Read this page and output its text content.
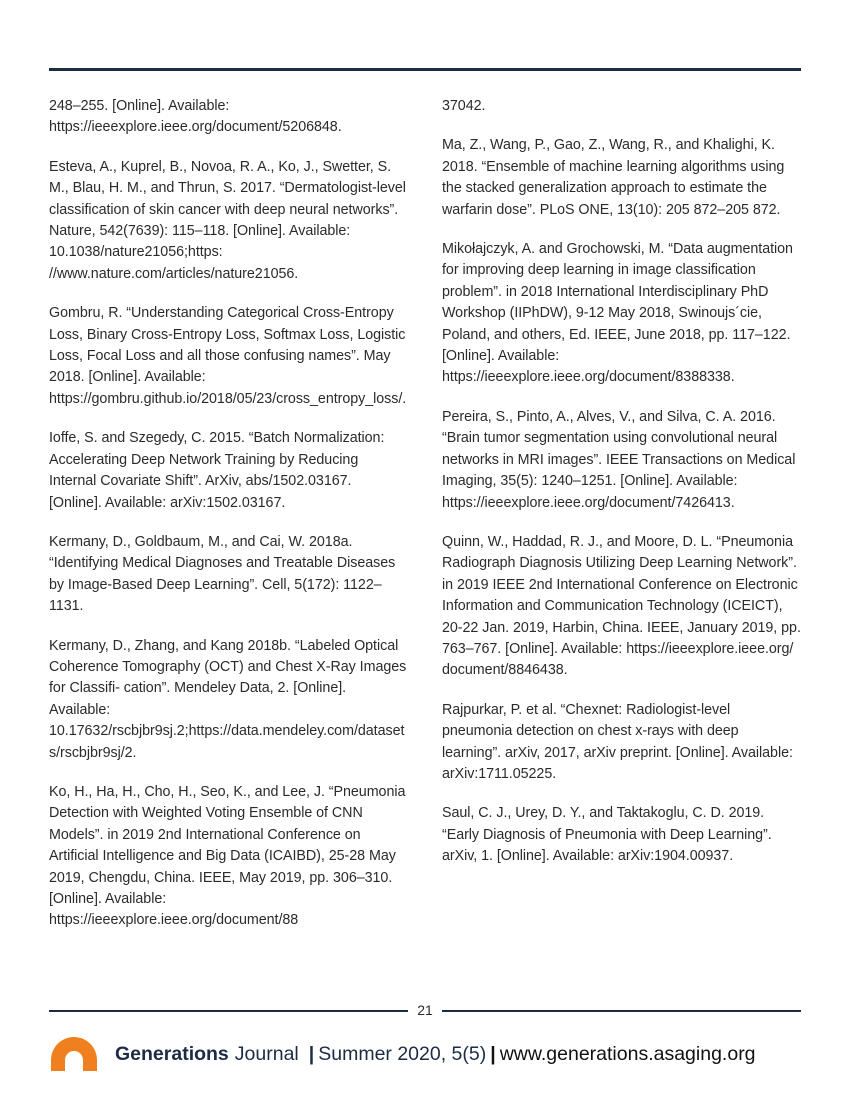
248–255. [Online]. Available: https://ieeexplore.ieee.org/document/5206848.

Esteva, A., Kuprel, B., Novoa, R. A., Ko, J., Swetter, S. M., Blau, H. M., and Thrun, S. 2017. “Dermatologist-level classification of skin cancer with deep neural networks”. Nature, 542(7639): 115–118. [Online]. Available: 10.1038/nature21056;https: //www.nature.com/articles/nature21056.

Gombru, R. “Understanding Categorical Cross-Entropy Loss, Binary Cross-Entropy Loss, Softmax Loss, Logistic Loss, Focal Loss and all those confusing names”. May 2018. [Online]. Available: https://gombru.github.io/2018/05/23/cross_entropy_loss/.

Ioffe, S. and Szegedy, C. 2015. “Batch Normalization: Accelerating Deep Network Training by Reducing Internal Covariate Shift”. ArXiv, abs/1502.03167. [Online]. Available: arXiv:1502.03167.

Kermany, D., Goldbaum, M., and Cai, W. 2018a. “Identifying Medical Diagnoses and Treatable Diseases by Image-Based Deep Learning”. Cell, 5(172): 1122–1131.

Kermany, D., Zhang, and Kang 2018b. “Labeled Optical Coherence Tomography (OCT) and Chest X-Ray Images for Classifi- cation”. Mendeley Data, 2. [Online]. Available: 10.17632/rscbjbr9sj.2;https://data.mendeley.com/datasets/rscbjbr9sj/2.

Ko, H., Ha, H., Cho, H., Seo, K., and Lee, J. “Pneumonia Detection with Weighted Voting Ensemble of CNN Models”. in 2019 2nd International Conference on Artificial Intelligence and Big Data (ICAIBD), 25-28 May 2019, Chengdu, China. IEEE, May 2019, pp. 306–310. [Online]. Available: https://ieeexplore.ieee.org/document/88

37042.

Ma, Z., Wang, P., Gao, Z., Wang, R., and Khalighi, K. 2018. “Ensemble of machine learning algorithms using the stacked generalization approach to estimate the warfarin dose”. PLoS ONE, 13(10): 205 872–205 872.

Mikołajczyk, A. and Grochowski, M. “Data augmentation for improving deep learning in image classification problem”. in 2018 International Interdisciplinary PhD Workshop (IIPhDW), 9-12 May 2018, Swinoujs´cie, Poland, and others, Ed. IEEE, June 2018, pp. 117–122. [Online]. Available: https://ieeexplore.ieee.org/document/8388338.

Pereira, S., Pinto, A., Alves, V., and Silva, C. A. 2016. “Brain tumor segmentation using convolutional neural networks in MRI images”. IEEE Transactions on Medical Imaging, 35(5): 1240–1251. [Online]. Available: https://ieeexplore.ieee.org/document/7426413.

Quinn, W., Haddad, R. J., and Moore, D. L. “Pneumonia Radiograph Diagnosis Utilizing Deep Learning Network”. in 2019 IEEE 2nd International Conference on Electronic Information and Communication Technology (ICEICT), 20-22 Jan. 2019, Harbin, China. IEEE, January 2019, pp. 763–767. [Online]. Available: https://ieeexplore.ieee.org/ document/8846438.

Rajpurkar, P. et al. “Chexnet: Radiologist-level pneumonia detection on chest x-rays with deep learning”. arXiv, 2017, arXiv preprint. [Online]. Available: arXiv:1711.05225.

Saul, C. J., Urey, D. Y., and Taktakoglu, C. D. 2019. “Early Diagnosis of Pneumonia with Deep Learning”. arXiv, 1. [Online]. Available: arXiv:1904.00937.

21
Generations Journal | Summer 2020, 5(5) | www.generations.asaging.org
